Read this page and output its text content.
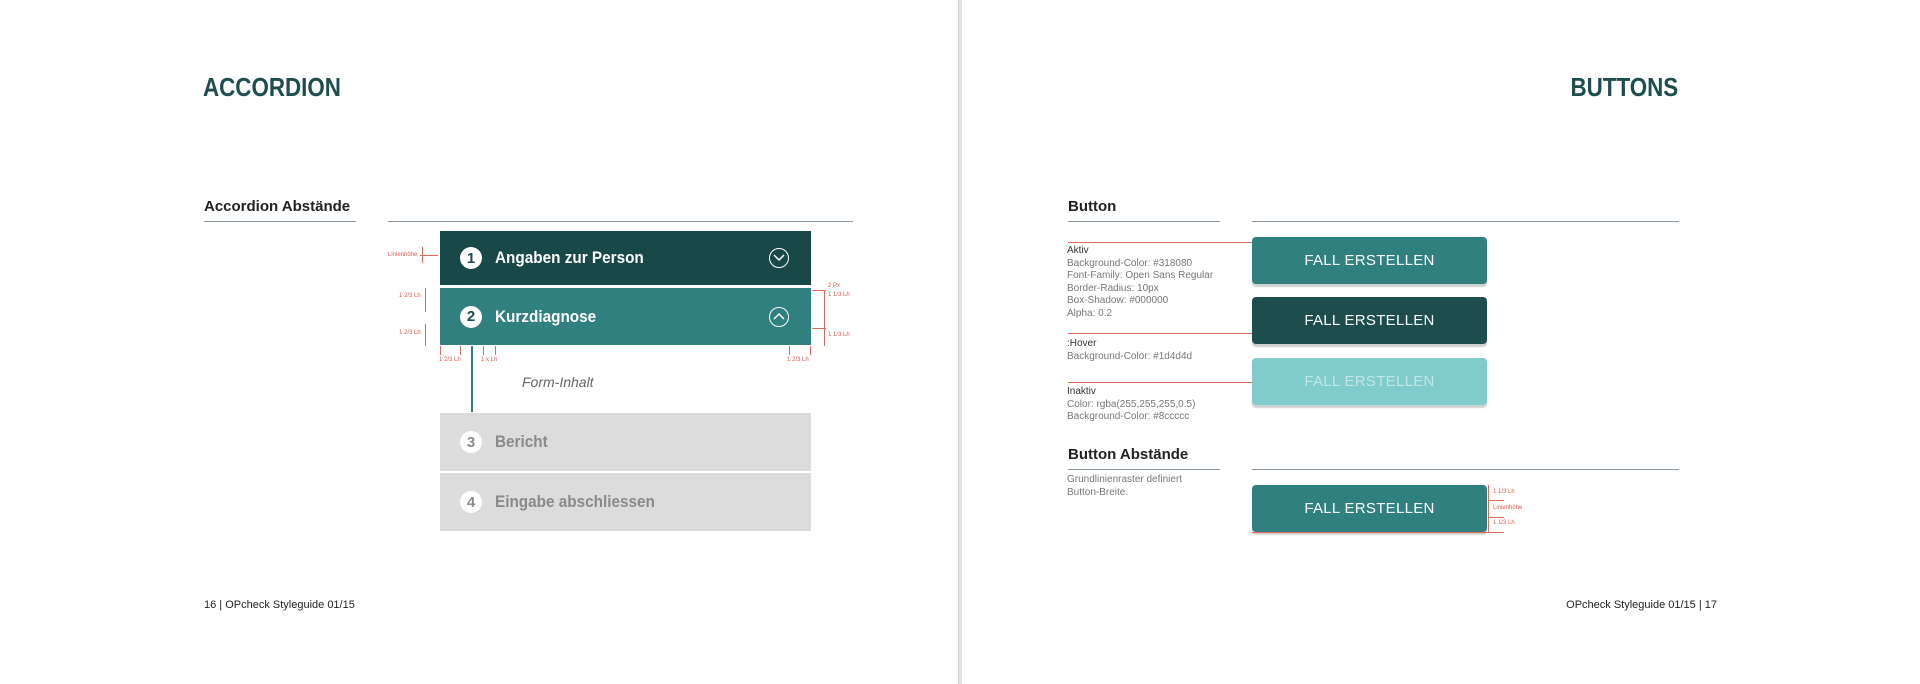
ACCORDION
Accordion Abstände
1	Angaben zur Person
2	Kurzdiagnose
Form-Inhalt
3	Bericht
4	Eingabe abschliessen
Linienhöhe
1 2/3 Lh
1 2/3 Lh
2 Px
1 1/3 Lh
1 1/3 Lh
1 2/3 Lh	1 x Lh	1 2/3 Lh
16 | OPcheck Styleguide 01/15
BUTTONS
Button
Aktiv
Background-Color: #318080
Font-Family: Open Sans Regular
Border-Radius: 10px
Box-Shadow: #000000
Alpha: 0.2
:Hover
Background-Color: #1d4d4d
Inaktiv
Color: rgba(255,255,255,0.5)
Background-Color: #8ccccc
FALL ERSTELLEN
FALL ERSTELLEN
FALL ERSTELLEN
Button Abstände
Grundlinienraster definiert
Button-Breite.
FALL ERSTELLEN
1 1/3 Lh
Linienhöhe
1 1/3 Lh
OPcheck Styleguide 01/15 | 17
